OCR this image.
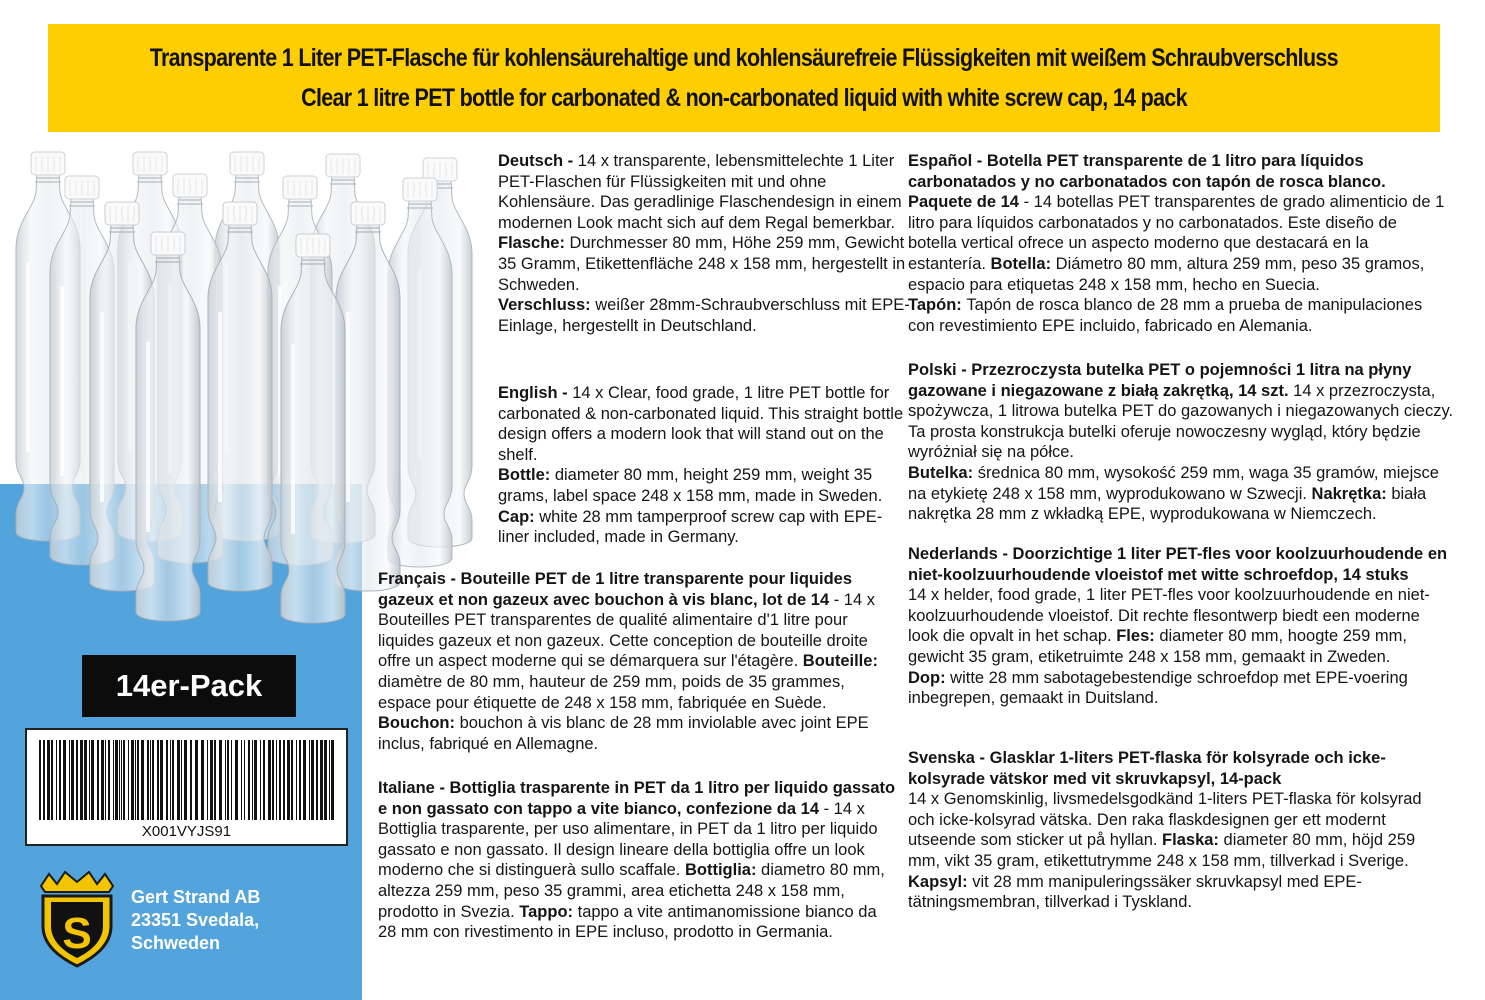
Transparente 1 Liter PET-Flasche für kohlensäurehaltige und kohlensäurefreie Flüssigkeiten mit weißem Schraubverschluss
Clear 1 litre PET bottle for carbonated & non-carbonated liquid with white screw cap, 14 pack
14er-Pack
X001VYJS91
S
Gert Strand AB
23351 Svedala,
Schweden
Deutsch - 14 x transparente, lebensmittelechte 1 Liter PET-Flaschen für Flüssigkeiten mit und ohne Kohlensäure. Das geradlinige Flaschendesign in einem modernen Look macht sich auf dem Regal bemerkbar.
Flasche: Durchmesser 80 mm, Höhe 259 mm, Gewicht 35 Gramm, Etikettenfläche 248 x 158 mm, hergestellt in Schweden.
Verschluss: weißer 28mm-Schraubverschluss mit EPE-Einlage, hergestellt in Deutschland.
English - 14 x Clear, food grade, 1 litre PET bottle for carbonated & non-carbonated liquid. This straight bottle design offers a modern look that will stand out on the shelf.
Bottle: diameter 80 mm, height 259 mm, weight 35 grams, label space 248 x 158 mm, made in Sweden.
Cap: white 28 mm tamperproof screw cap with EPE-liner included, made in Germany.
Français - Bouteille PET de 1 litre transparente pour liquides gazeux et non gazeux avec bouchon à vis blanc, lot de 14 - 14 x Bouteilles PET transparentes de qualité alimentaire d'1 litre pour liquides gazeux et non gazeux. Cette conception de bouteille droite offre un aspect moderne qui se démarquera sur l'étagère. Bouteille: diamètre de 80 mm, hauteur de 259 mm, poids de 35 grammes, espace pour étiquette de 248 x 158 mm, fabriquée en Suède. Bouchon: bouchon à vis blanc de 28 mm inviolable avec joint EPE inclus, fabriqué en Allemagne.
Italiane - Bottiglia trasparente in PET da 1 litro per liquido gassato e non gassato con tappo a vite bianco, confezione da 14 - 14 x Bottiglia trasparente, per uso alimentare, in PET da 1 litro per liquido gassato e non gassato. Il design lineare della bottiglia offre un look moderno che si distinguerà sullo scaffale. Bottiglia: diametro 80 mm, altezza 259 mm, peso 35 grammi, area etichetta 248 x 158 mm, prodotto in Svezia. Tappo: tappo a vite antimanomissione bianco da 28 mm con rivestimento in EPE incluso, prodotto in Germania.
Español - Botella PET transparente de 1 litro para líquidos carbonatados y no carbonatados con tapón de rosca blanco. Paquete de 14 - 14 botellas PET transparentes de grado alimenticio de 1 litro para líquidos carbonatados y no carbonatados. Este diseño de botella vertical ofrece un aspecto moderno que destacará en la estantería. Botella: Diámetro 80 mm, altura 259 mm, peso 35 gramos, espacio para etiquetas 248 x 158 mm, hecho en Suecia.
Tapón: Tapón de rosca blanco de 28 mm a prueba de manipulaciones con revestimiento EPE incluido, fabricado en Alemania.
Polski - Przezroczysta butelka PET o pojemności 1 litra na płyny gazowane i niegazowane z białą zakrętką, 14 szt. 14 x przezroczysta, spożywcza, 1 litrowa butelka PET do gazowanych i niegazowanych cieczy. Ta prosta konstrukcja butelki oferuje nowoczesny wygląd, który będzie wyróżniał się na półce.
Butelka: średnica 80 mm, wysokość 259 mm, waga 35 gramów, miejsce na etykietę 248 x 158 mm, wyprodukowano w Szwecji. Nakrętka: biała nakrętka 28 mm z wkładką EPE, wyprodukowana w Niemczech.
Nederlands - Doorzichtige 1 liter PET-fles voor koolzuurhoudende en niet-koolzuurhoudende vloeistof met witte schroefdop, 14 stuks
14 x helder, food grade, 1 liter PET-fles voor koolzuurhoudende en niet-koolzuurhoudende vloeistof. Dit rechte flesontwerp biedt een moderne look die opvalt in het schap. Fles: diameter 80 mm, hoogte 259 mm, gewicht 35 gram, etiketruimte 248 x 158 mm, gemaakt in Zweden.
Dop: witte 28 mm sabotagebestendige schroefdop met EPE-voering inbegrepen, gemaakt in Duitsland.
Svenska - Glasklar 1-liters PET-flaska för kolsyrade och icke-kolsyrade vätskor med vit skruvkapsyl, 14-pack
14 x Genomskinlig, livsmedelsgodkänd 1-liters PET-flaska för kolsyrad och icke-kolsyrad vätska. Den raka flaskdesignen ger ett modernt utseende som sticker ut på hyllan. Flaska: diameter 80 mm, höjd 259 mm, vikt 35 gram, etikettutrymme 248 x 158 mm, tillverkad i Sverige.
Kapsyl: vit 28 mm manipuleringssäker skruvkapsyl med EPE-tätningsmembran, tillverkad i Tyskland.
